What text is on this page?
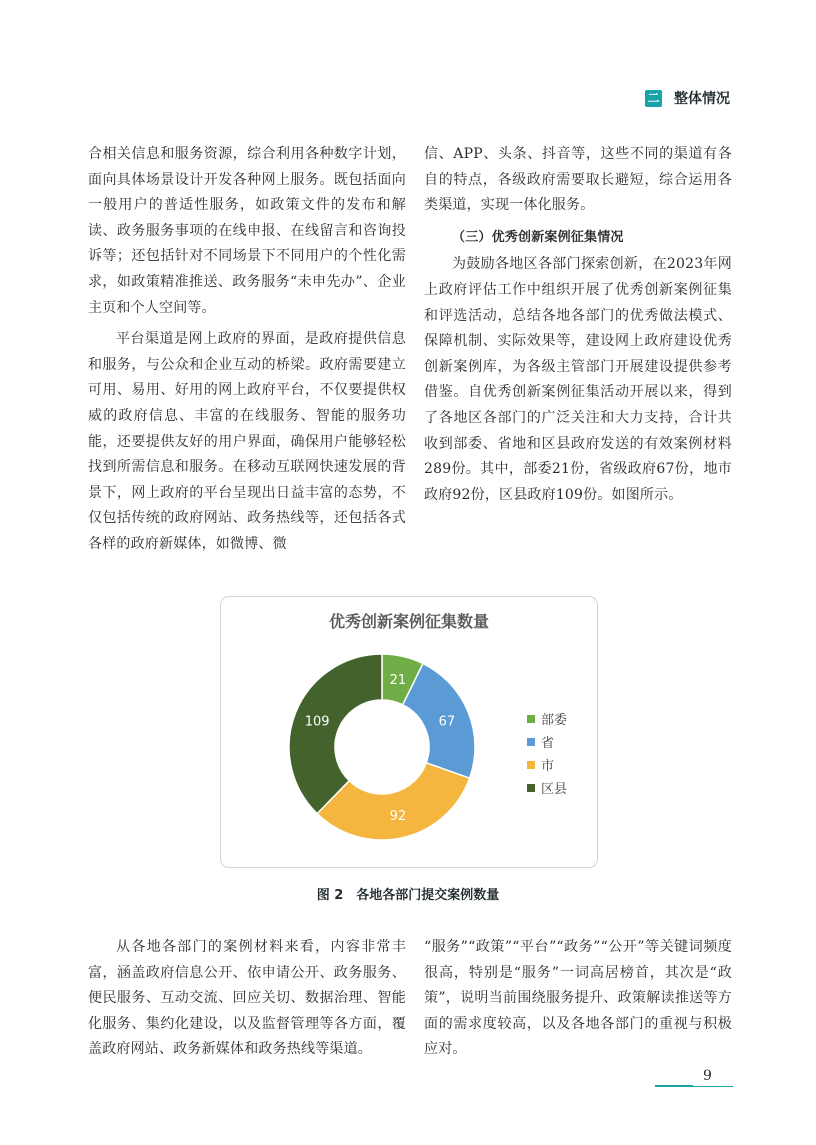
二 整体情况

合相关信息和服务资源，综合利用各种数字计划，面向具体场景设计开发各种网上服务。既包括面向一般用户的普适性服务，如政策文件的发布和解读、政务服务事项的在线申报、在线留言和咨询投诉等；还包括针对不同场景下不同用户的个性化需求，如政策精准推送、政务服务“未申先办”、企业主页和个人空间等。

平台渠道是网上政府的界面，是政府提供信息和服务，与公众和企业互动的桥梁。政府需要建立可用、易用、好用的网上政府平台，不仅要提供权威的政府信息、丰富的在线服务、智能的服务功能，还要提供友好的用户界面，确保用户能够轻松找到所需信息和服务。在移动互联网快速发展的背景下，网上政府的平台呈现出日益丰富的态势，不仅包括传统的政府网站、政务热线等，还包括各式各样的政府新媒体，如微博、微

信、APP、头条、抖音等，这些不同的渠道有各自的特点，各级政府需要取长避短，综合运用各类渠道，实现一体化服务。

（三）优秀创新案例征集情况

为鼓励各地区各部门探索创新，在2023年网上政府评估工作中组织开展了优秀创新案例征集和评选活动，总结各地各部门的优秀做法模式、保障机制、实际效果等，建设网上政府建设优秀创新案例库，为各级主管部门开展建设提供参考借鉴。自优秀创新案例征集活动开展以来，得到了各地区各部门的广泛关注和大力支持，合计共收到部委、省地和区县政府发送的有效案例材料289份。其中，部委21份，省级政府67份，地市政府92份，区县政府109份。如图所示。

优秀创新案例征集数量
21
67
92
109	部委
省
市
区县
图 2　各地各部门提交案例数量

从各地各部门的案例材料来看，内容非常丰富，涵盖政府信息公开、依申请公开、政务服务、便民服务、互动交流、回应关切、数据治理、智能化服务、集约化建设，以及监督管理等各方面，覆盖政府网站、政务新媒体和政务热线等渠道。

“服务”“政策”“平台”“政务”“公开”等关键词频度很高，特别是“服务”一词高居榜首，其次是“政策”，说明当前围绕服务提升、政策解读推送等方面的需求度较高，以及各地各部门的重视与积极应对。

9
